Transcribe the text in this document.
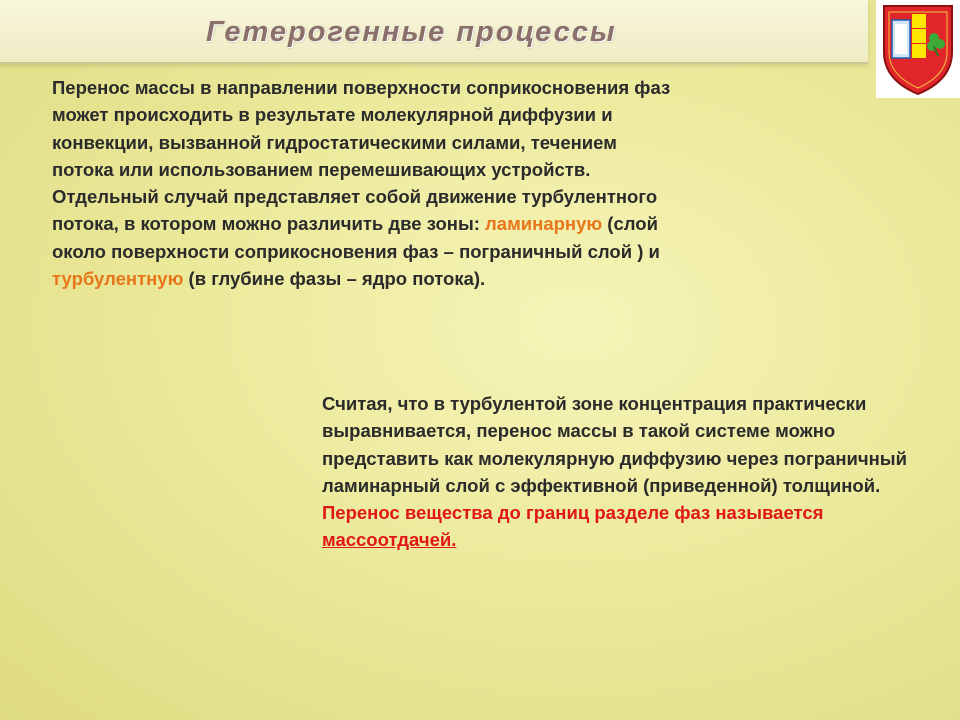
Гетерогенные процессы

Перенос массы в направлении поверхности соприкосновения фаз может происходить в результате молекулярной диффузии и конвекции, вызванной гидростатическими силами, течением потока или использованием перемешивающих устройств. Отдельный случай представляет собой движение турбулентного потока, в котором можно различить две зоны: ламинарную (слой около поверхности соприкосновения фаз – пограничный слой ) и турбулентную (в глубине фазы – ядро потока).

Считая, что в турбулентой зоне концентрация практически выравнивается, перенос массы в такой системе можно представить как молекулярную диффузию через пограничный ламинарный слой с эффективной (приведенной) толщиной. Перенос вещества до границ разделе фаз называется массоотдачей.
